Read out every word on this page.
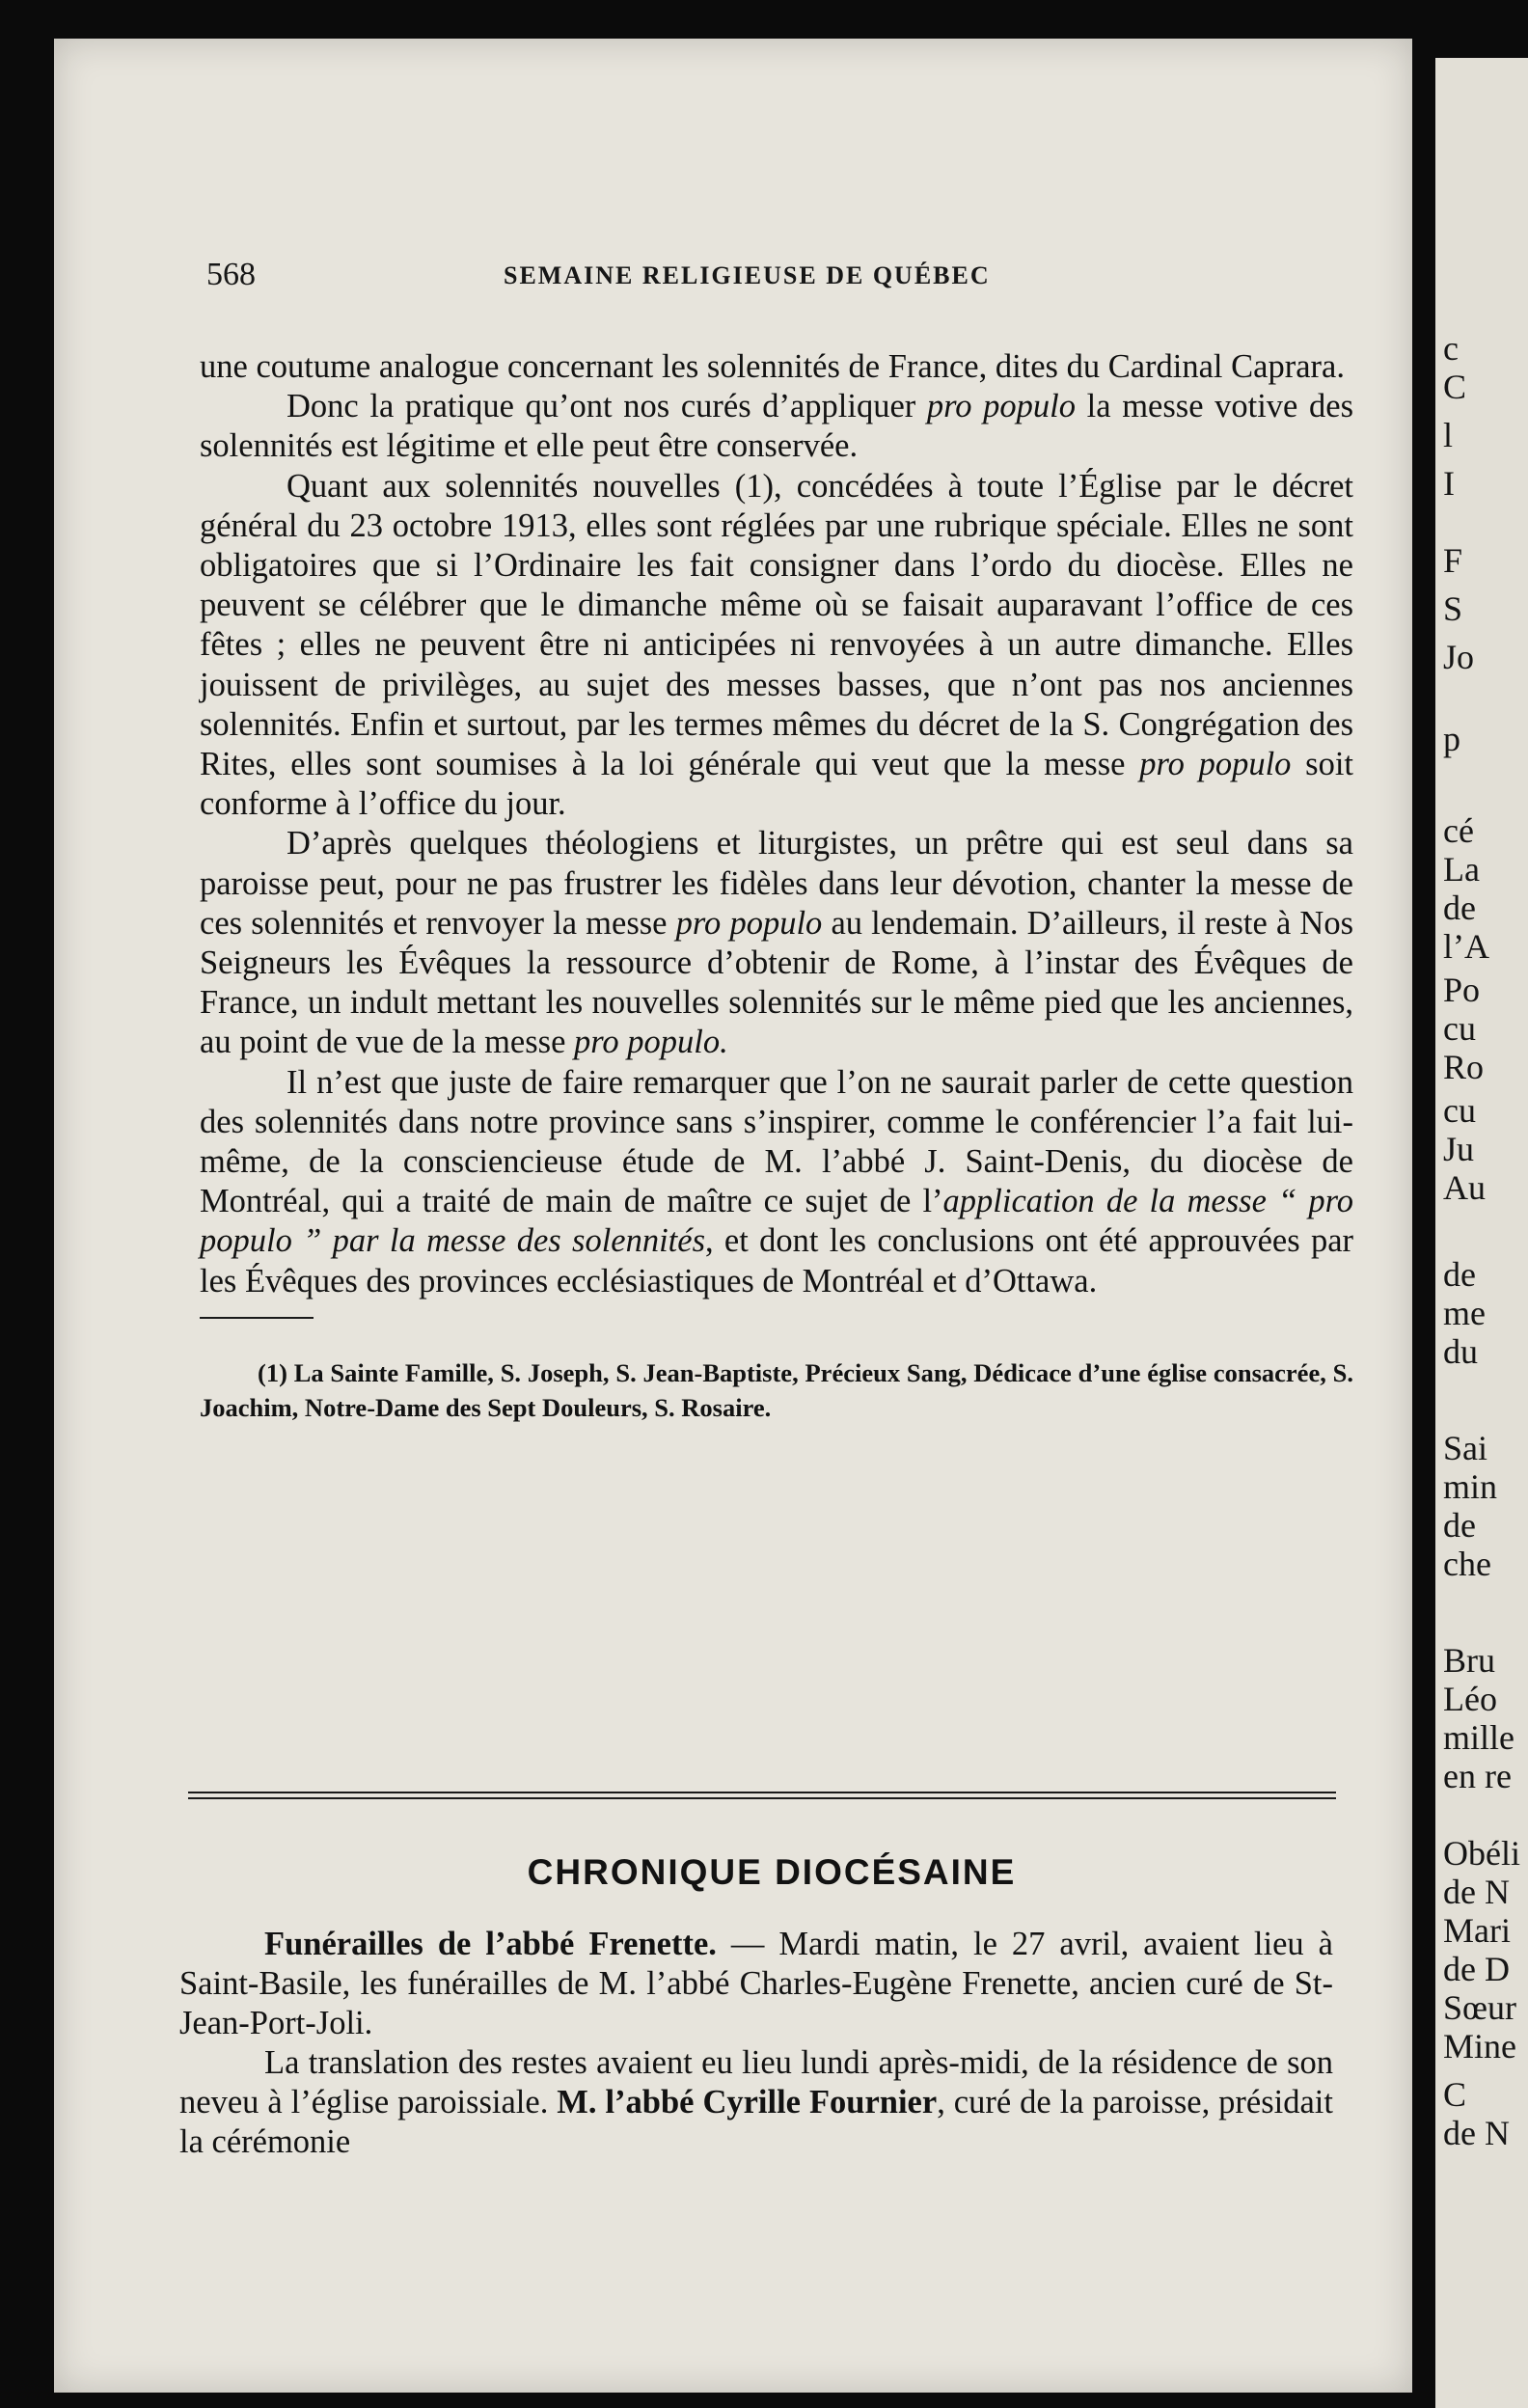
c
C
l
I
F
S
Jo
p
cé
La
de
l’A
Po
cu
Ro
cu
Ju
Au
de
me
du
Sai
min
de
che
Bru
Léo
mille
en re
Obéli
de N
Mari
de D
Sœur
Mine
C
de N
568	SEMAINE RELIGIEUSE DE QUÉBEC

une coutume analogue concernant les solennités de France, dites du Cardinal Caprara.

Donc la pratique qu’ont nos curés d’appliquer pro populo la messe votive des solennités est légitime et elle peut être conservée.

Quant aux solennités nouvelles (1), concédées à toute l’Église par le décret général du 23 octobre 1913, elles sont réglées par une rubrique spéciale. Elles ne sont obligatoires que si l’Ordinaire les fait consigner dans l’ordo du diocèse. Elles ne peuvent se célébrer que le dimanche même où se faisait auparavant l’office de ces fêtes ; elles ne peuvent être ni anticipées ni renvoyées à un autre dimanche. Elles jouissent de privilèges, au sujet des messes basses, que n’ont pas nos anciennes solennités. Enfin et surtout, par les termes mêmes du décret de la S. Congrégation des Rites, elles sont soumises à la loi générale qui veut que la messe pro populo soit conforme à l’office du jour.

D’après quelques théologiens et liturgistes, un prêtre qui est seul dans sa paroisse peut, pour ne pas frustrer les fidèles dans leur dévotion, chanter la messe de ces solennités et renvoyer la messe pro populo au lendemain. D’ailleurs, il reste à Nos Seigneurs les Évêques la ressource d’obtenir de Rome, à l’instar des Évêques de France, un indult mettant les nouvelles solennités sur le même pied que les anciennes, au point de vue de la messe pro populo.

Il n’est que juste de faire remarquer que l’on ne saurait parler de cette question des solennités dans notre province sans s’inspirer, comme le conférencier l’a fait lui-même, de la consciencieuse étude de M. l’abbé J. Saint-Denis, du diocèse de Montréal, qui a traité de main de maître ce sujet de l’application de la messe “ pro populo ” par la messe des solennités, et dont les conclusions ont été approuvées par les Évêques des provinces ecclésiastiques de Montréal et d’Ottawa.

(1) La Sainte Famille, S. Joseph, S. Jean-Baptiste, Précieux Sang, Dédicace d’une église consacrée, S. Joachim, Notre-Dame des Sept Douleurs, S. Rosaire.
CHRONIQUE DIOCÉSAINE

Funérailles de l’abbé Frenette. — Mardi matin, le 27 avril, avaient lieu à Saint-Basile, les funérailles de M. l’abbé Charles-Eugène Frenette, ancien curé de St-Jean-Port-Joli.

La translation des restes avaient eu lieu lundi après-midi, de la résidence de son neveu à l’église paroissiale. M. l’abbé Cyrille Fournier, curé de la paroisse, présidait la cérémonie
